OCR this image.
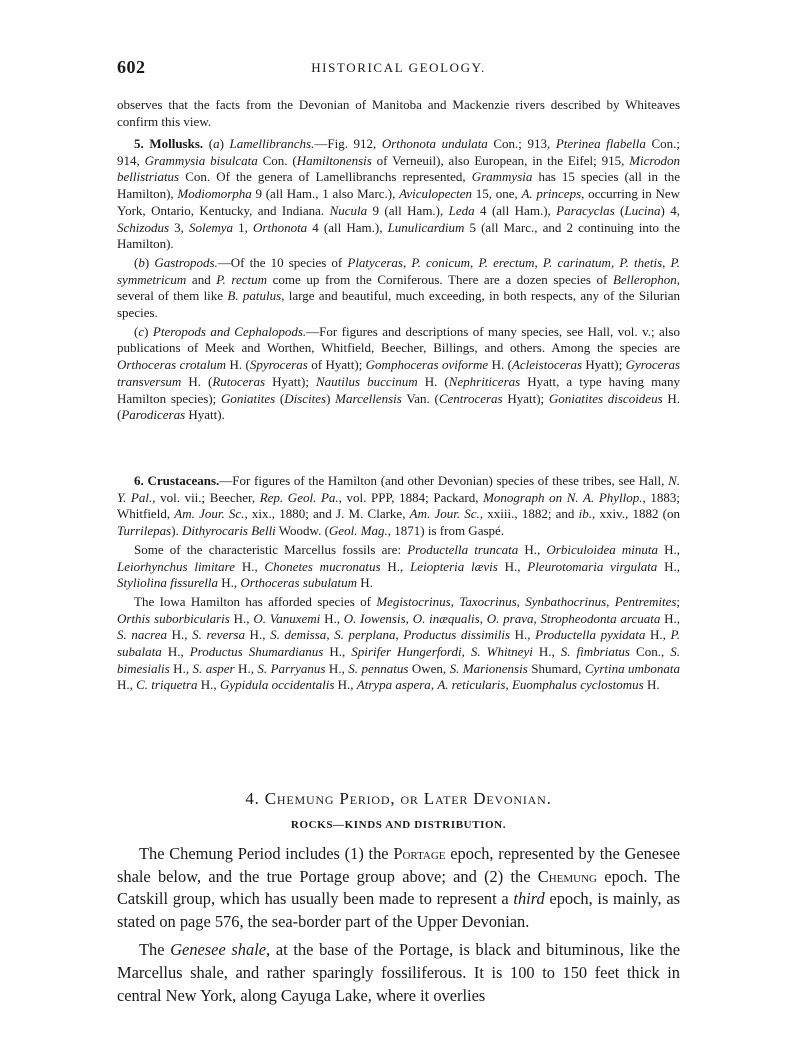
602	HISTORICAL GEOLOGY.

observes that the facts from the Devonian of Manitoba and Mackenzie rivers described by Whiteaves confirm this view.

5. Mollusks. (a) Lamellibranchs.—Fig. 912, Orthonota undulata Con.; 913, Pterinea flabella Con.; 914, Grammysia bisulcata Con. (Hamiltonensis of Verneuil), also European, in the Eifel; 915, Microdon bellistriatus Con. Of the genera of Lamellibranchs represented, Grammysia has 15 species (all in the Hamilton), Modiomorpha 9 (all Ham., 1 also Marc.), Aviculopecten 15, one, A. princeps, occurring in New York, Ontario, Kentucky, and Indiana. Nucula 9 (all Ham.), Leda 4 (all Ham.), Paracyclas (Lucina) 4, Schizodus 3, Solemya 1, Orthonota 4 (all Ham.), Lunulicardium 5 (all Marc., and 2 continuing into the Hamilton).

(b) Gastropods.—Of the 10 species of Platyceras, P. conicum, P. erectum, P. carinatum, P. thetis, P. symmetricum and P. rectum come up from the Corniferous. There are a dozen species of Bellerophon, several of them like B. patulus, large and beautiful, much exceeding, in both respects, any of the Silurian species.

(c) Pteropods and Cephalopods.—For figures and descriptions of many species, see Hall, vol. v.; also publications of Meek and Worthen, Whitfield, Beecher, Billings, and others. Among the species are Orthoceras crotalum H. (Spyroceras of Hyatt); Gomphoceras oviforme H. (Acleistoceras Hyatt); Gyroceras transversum H. (Rutoceras Hyatt); Nautilus buccinum H. (Nephriticeras Hyatt, a type having many Hamilton species); Goniatites (Discites) Marcellensis Van. (Centroceras Hyatt); Goniatites discoideus H. (Parodiceras Hyatt).

6. Crustaceans.—For figures of the Hamilton (and other Devonian) species of these tribes, see Hall, N. Y. Pal., vol. vii.; Beecher, Rep. Geol. Pa., vol. PPP, 1884; Packard, Monograph on N. A. Phyllop., 1883; Whitfield, Am. Jour. Sc., xix., 1880; and J. M. Clarke, Am. Jour. Sc., xxiii., 1882; and ib., xxiv., 1882 (on Turrilepas). Dithyrocaris Belli Woodw. (Geol. Mag., 1871) is from Gaspé.

Some of the characteristic Marcellus fossils are: Productella truncata H., Orbiculoidea minuta H., Leiorhynchus limitare H., Chonetes mucronatus H., Leiopteria lævis H., Pleurotomaria virgulata H., Styliolina fissurella H., Orthoceras subulatum H.

The Iowa Hamilton has afforded species of Megistocrinus, Taxocrinus, Synbathocrinus, Pentremites; Orthis suborbicularis H., O. Vanuxemi H., O. Iowensis, O. inæqualis, O. prava, Stropheodonta arcuata H., S. nacrea H., S. reversa H., S. demissa, S. perplana, Productus dissimilis H., Productella pyxidata H., P. subalata H., Productus Shumardianus H., Spirifer Hungerfordi, S. Whitneyi H., S. fimbriatus Con., S. bimesialis H., S. asper H., S. Parryanus H., S. pennatus Owen, S. Marionensis Shumard, Cyrtina umbonata H., C. triquetra H., Gypidula occidentalis H., Atrypa aspera, A. reticularis, Euomphalus cyclostomus H.

4. Chemung Period, or Later Devonian.
ROCKS—KINDS AND DISTRIBUTION.

The Chemung Period includes (1) the Portage epoch, represented by the Genesee shale below, and the true Portage group above; and (2) the Chemung epoch. The Catskill group, which has usually been made to represent a third epoch, is mainly, as stated on page 576, the sea-border part of the Upper Devonian.

The Genesee shale, at the base of the Portage, is black and bituminous, like the Marcellus shale, and rather sparingly fossiliferous. It is 100 to 150 feet thick in central New York, along Cayuga Lake, where it overlies
